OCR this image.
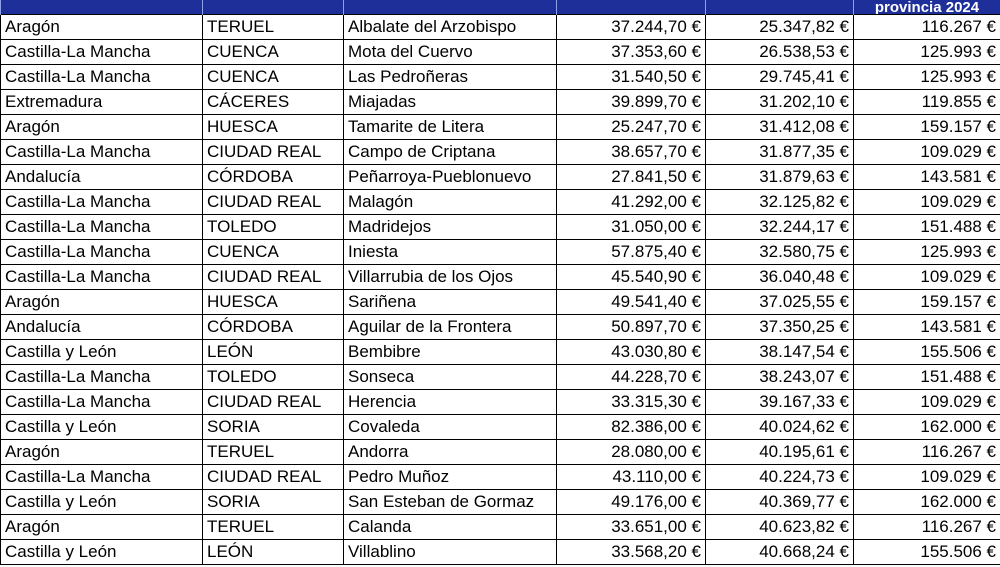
					provincia 2024
Aragón	TERUEL	Albalate del Arzobispo	37.244,70 €	25.347,82 €	116.267 €
Castilla-La Mancha	CUENCA	Mota del Cuervo	37.353,60 €	26.538,53 €	125.993 €
Castilla-La Mancha	CUENCA	Las Pedroñeras	31.540,50 €	29.745,41 €	125.993 €
Extremadura	CÁCERES	Miajadas	39.899,70 €	31.202,10 €	119.855 €
Aragón	HUESCA	Tamarite de Litera	25.247,70 €	31.412,08 €	159.157 €
Castilla-La Mancha	CIUDAD REAL	Campo de Criptana	38.657,70 €	31.877,35 €	109.029 €
Andalucía	CÓRDOBA	Peñarroya-Pueblonuevo	27.841,50 €	31.879,63 €	143.581 €
Castilla-La Mancha	CIUDAD REAL	Malagón	41.292,00 €	32.125,82 €	109.029 €
Castilla-La Mancha	TOLEDO	Madridejos	31.050,00 €	32.244,17 €	151.488 €
Castilla-La Mancha	CUENCA	Iniesta	57.875,40 €	32.580,75 €	125.993 €
Castilla-La Mancha	CIUDAD REAL	Villarrubia de los Ojos	45.540,90 €	36.040,48 €	109.029 €
Aragón	HUESCA	Sariñena	49.541,40 €	37.025,55 €	159.157 €
Andalucía	CÓRDOBA	Aguilar de la Frontera	50.897,70 €	37.350,25 €	143.581 €
Castilla y León	LEÓN	Bembibre	43.030,80 €	38.147,54 €	155.506 €
Castilla-La Mancha	TOLEDO	Sonseca	44.228,70 €	38.243,07 €	151.488 €
Castilla-La Mancha	CIUDAD REAL	Herencia	33.315,30 €	39.167,33 €	109.029 €
Castilla y León	SORIA	Covaleda	82.386,00 €	40.024,62 €	162.000 €
Aragón	TERUEL	Andorra	28.080,00 €	40.195,61 €	116.267 €
Castilla-La Mancha	CIUDAD REAL	Pedro Muñoz	43.110,00 €	40.224,73 €	109.029 €
Castilla y León	SORIA	San Esteban de Gormaz	49.176,00 €	40.369,77 €	162.000 €
Aragón	TERUEL	Calanda	33.651,00 €	40.623,82 €	116.267 €
Castilla y León	LEÓN	Villablino	33.568,20 €	40.668,24 €	155.506 €
